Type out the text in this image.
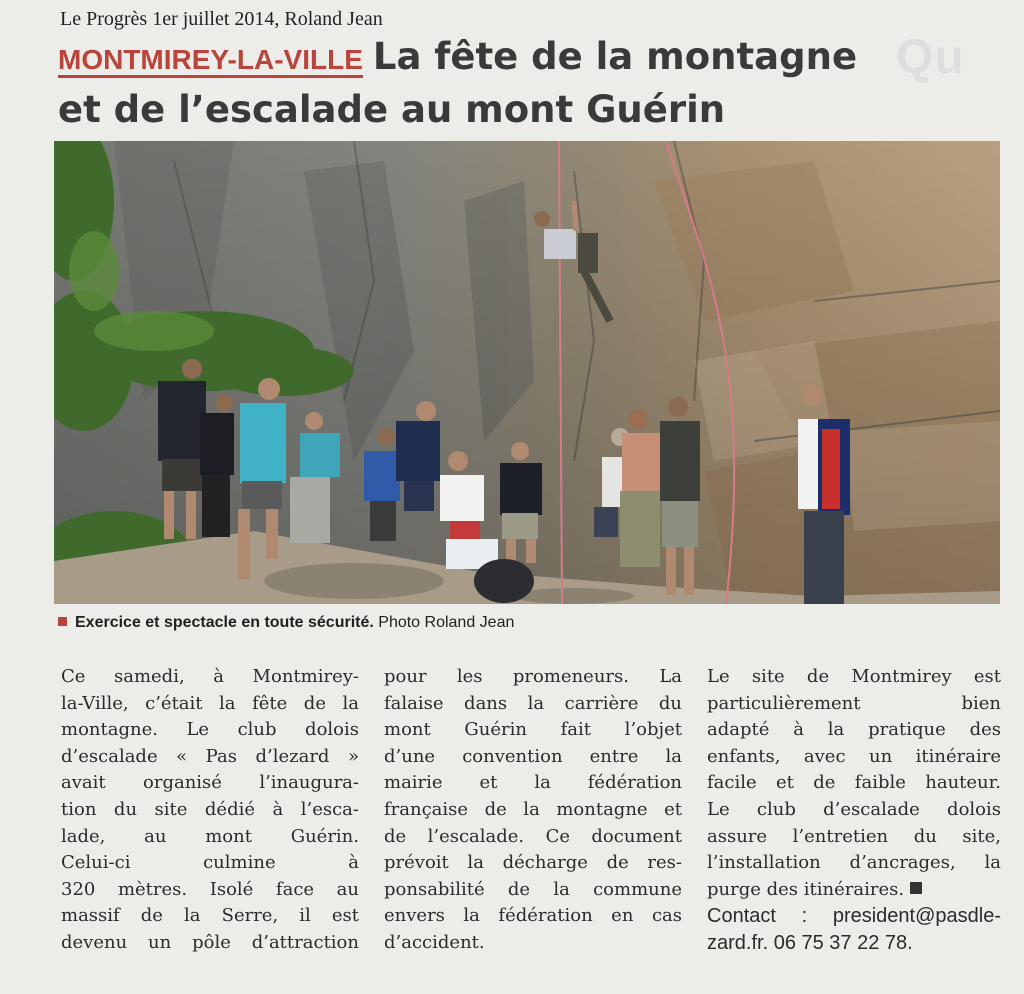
Le Progrès 1er juillet 2014, Roland Jean
Qu
MONTMIREY-LA-VILLE La fête de la montagne
et de l’escalade au mont Guérin
Exercice et spectacle en toute sécurité. Photo Roland Jean
Ce samedi, à Montmirey-
la-Ville, c’était la fête de la
montagne. Le club dolois
d’escalade « Pas d’lezard »
avait organisé l’inaugura-
tion du site dédié à l’esca-
lade, au mont Guérin.
Celui-ci culmine à
320 mètres. Isolé face au
massif de la Serre, il est
devenu un pôle d’attraction
pour les promeneurs. La
falaise dans la carrière du
mont Guérin fait l’objet
d’une convention entre la
mairie et la fédération
française de la montagne et
de l’escalade. Ce document
prévoit la décharge de res-
ponsabilité de la commune
envers la fédération en cas
d’accident.
Le site de Montmirey est
particulièrement bien
adapté à la pratique des
enfants, avec un itinéraire
facile et de faible hauteur.
Le club d’escalade dolois
assure l’entretien du site,
l’installation d’ancrages, la
purge des itinéraires.
Contact : president@pasdle-
zard.fr. 06 75 37 22 78.
